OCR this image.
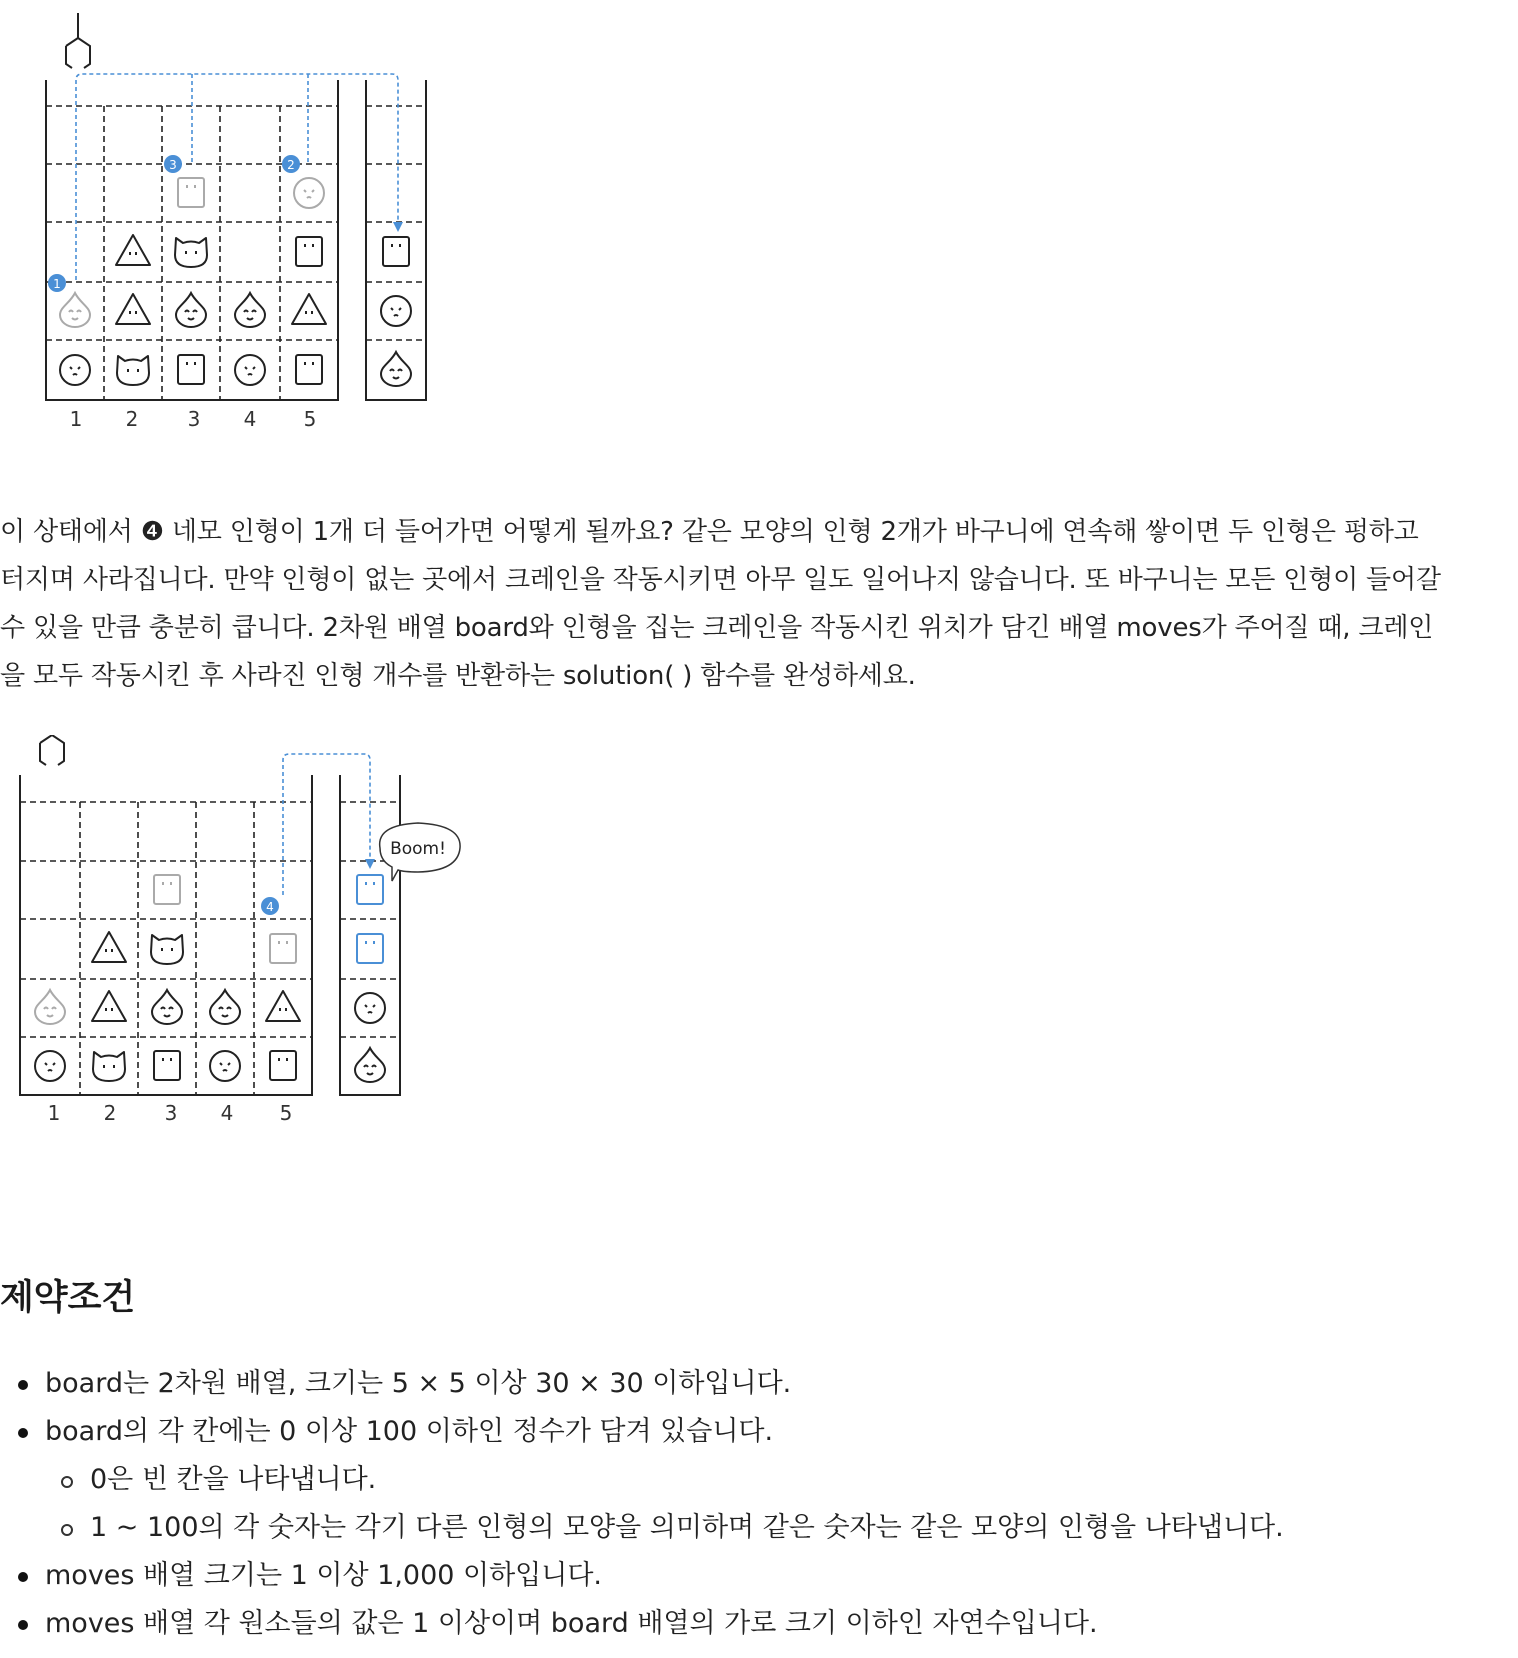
1
3	2
1 2 3 4 5

이 상태에서 ❹ 네모 인형이 1개 더 들어가면 어떻게 될까요? 같은 모양의 인형 2개가 바구니에 연속해 쌓이면 두 인형은 펑하고
터지며 사라집니다. 만약 인형이 없는 곳에서 크레인을 작동시키면 아무 일도 일어나지 않습니다. 또 바구니는 모든 인형이 들어갈
수 있을 만큼 충분히 큽니다. 2차원 배열 board와 인형을 집는 크레인을 작동시킨 위치가 담긴 배열 moves가 주어질 때, 크레인
을 모두 작동시킨 후 사라진 인형 개수를 반환하는 solution( ) 함수를 완성하세요.

4
Boom!
1 2 3 4 5
제약조건
board는 2차원 배열, 크기는 5 × 5 이상 30 × 30 이하입니다.
board의 각 칸에는 0 이상 100 이하인 정수가 담겨 있습니다.
0은 빈 칸을 나타냅니다.
1 ~ 100의 각 숫자는 각기 다른 인형의 모양을 의미하며 같은 숫자는 같은 모양의 인형을 나타냅니다.
moves 배열 크기는 1 이상 1,000 이하입니다.
moves 배열 각 원소들의 값은 1 이상이며 board 배열의 가로 크기 이하인 자연수입니다.
